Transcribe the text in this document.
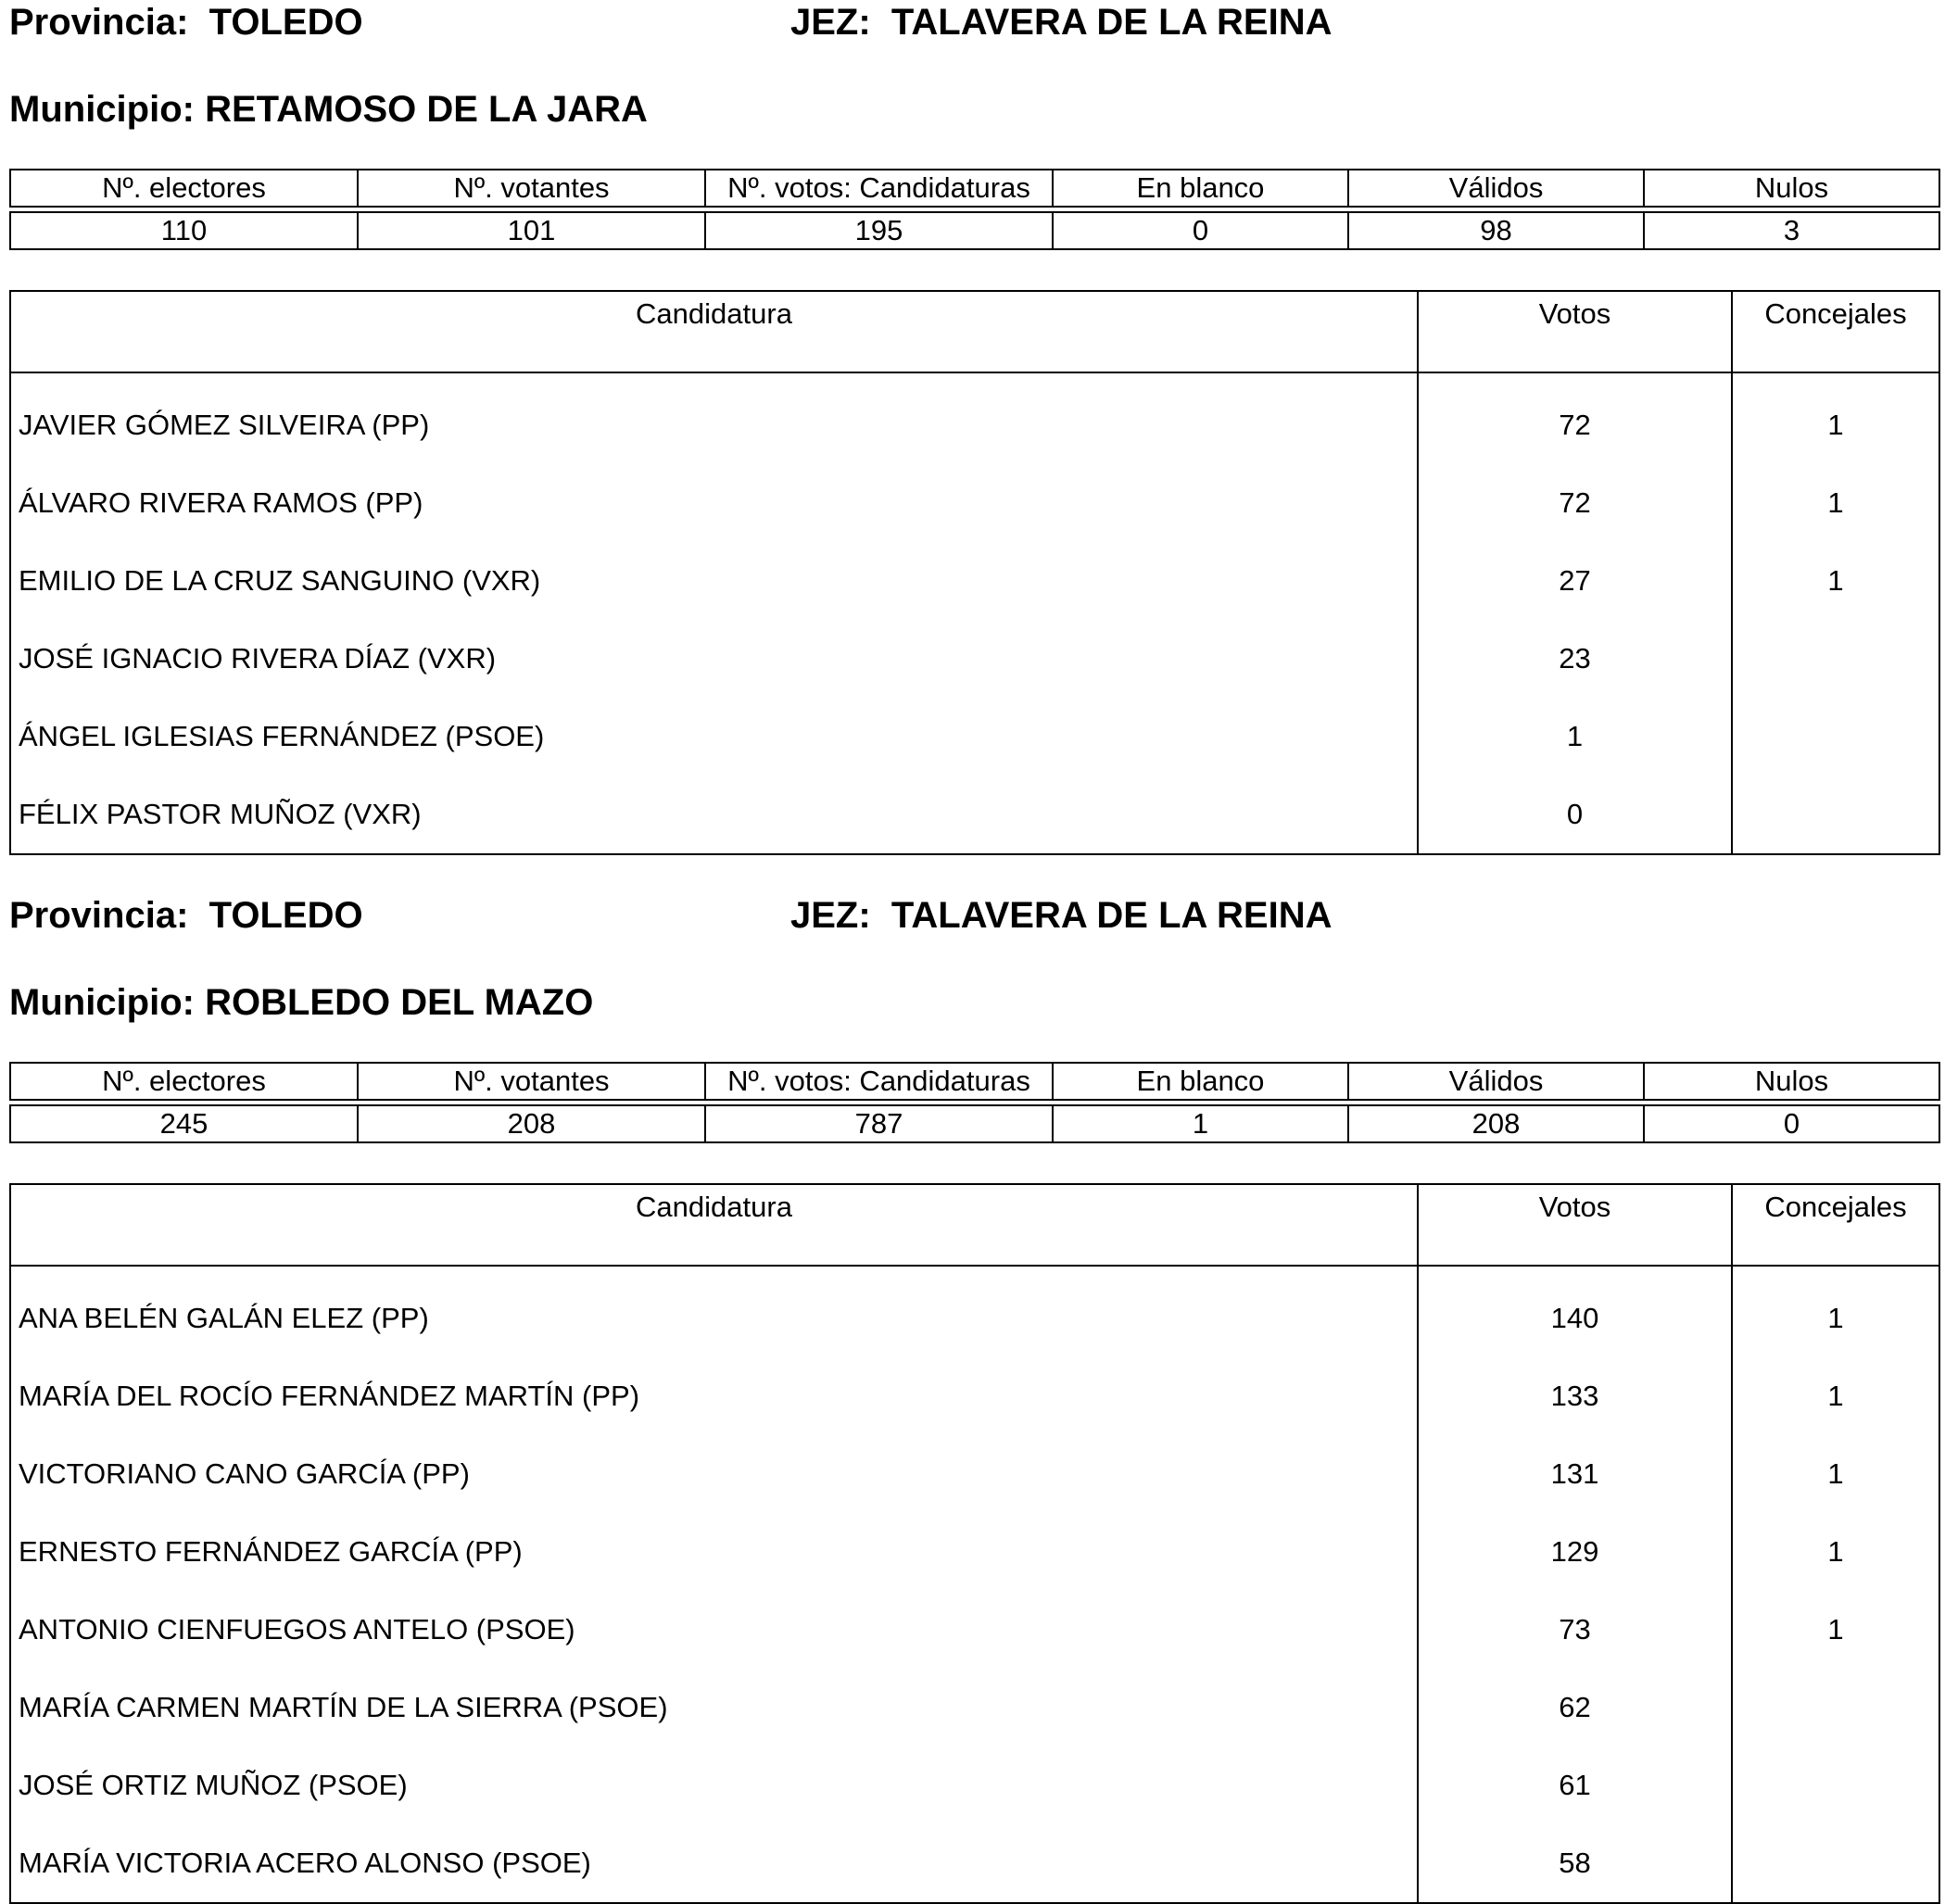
Provincia: TOLEDO	JEZ: TALAVERA DE LA REINA
Municipio: RETAMOSO DE LA JARA
Nº. electores	Nº. votantes	Nº. votos: Candidaturas	En blanco	Válidos	Nulos

110	101	195	0	98	3
Candidatura	Votos	Concejales
JAVIER GÓMEZ SILVEIRA (PP)	72	1
ÁLVARO RIVERA RAMOS (PP)	72	1
EMILIO DE LA CRUZ SANGUINO (VXR)	27	1
JOSÉ IGNACIO RIVERA DÍAZ (VXR)	23	
ÁNGEL IGLESIAS FERNÁNDEZ (PSOE)	1	
FÉLIX PASTOR MUÑOZ (VXR)	0	
Provincia: TOLEDO	JEZ: TALAVERA DE LA REINA
Municipio: ROBLEDO DEL MAZO
Nº. electores	Nº. votantes	Nº. votos: Candidaturas	En blanco	Válidos	Nulos

245	208	787	1	208	0
Candidatura	Votos	Concejales
ANA BELÉN GALÁN ELEZ (PP)	140	1
MARÍA DEL ROCÍO FERNÁNDEZ MARTÍN (PP)	133	1
VICTORIANO CANO GARCÍA (PP)	131	1
ERNESTO FERNÁNDEZ GARCÍA (PP)	129	1
ANTONIO CIENFUEGOS ANTELO (PSOE)	73	1
MARÍA CARMEN MARTÍN DE LA SIERRA (PSOE)	62	
JOSÉ ORTIZ MUÑOZ (PSOE)	61	
MARÍA VICTORIA ACERO ALONSO (PSOE)	58	
